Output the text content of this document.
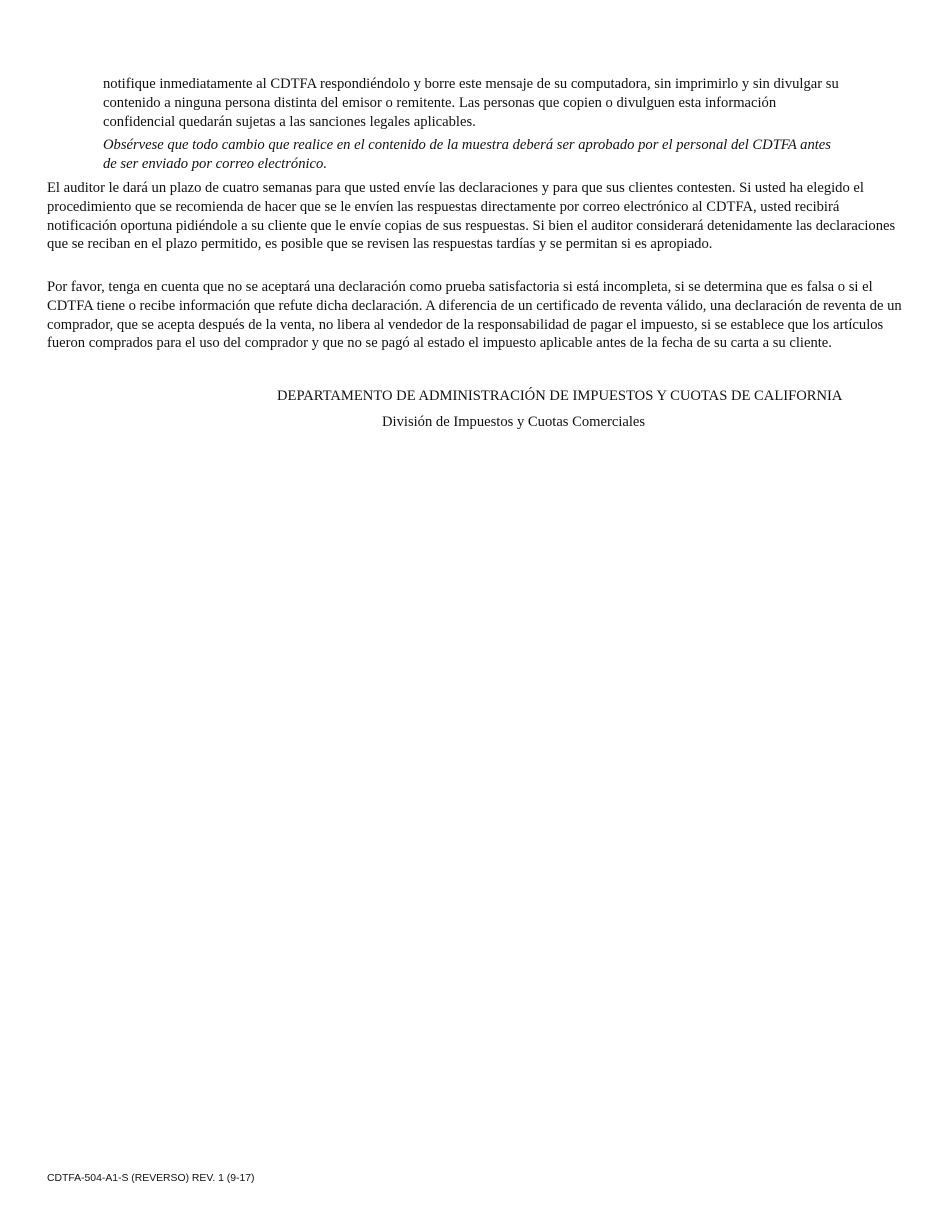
notifique inmediatamente al CDTFA respondiéndolo y borre este mensaje de su computadora, sin imprimirlo y sin divulgar su contenido a ninguna persona distinta del emisor o remitente. Las personas que copien o divulguen esta información confidencial quedarán sujetas a las sanciones legales aplicables.

Obsérvese que todo cambio que realice en el contenido de la muestra deberá ser aprobado por el personal del CDTFA antes de ser enviado por correo electrónico.

El auditor le dará un plazo de cuatro semanas para que usted envíe las declaraciones y para que sus clientes contesten. Si usted ha elegido el procedimiento que se recomienda de hacer que se le envíen las respuestas directamente por correo electrónico al CDTFA, usted recibirá notificación oportuna pidiéndole a su cliente que le envíe copias de sus respuestas. Si bien el auditor considerará detenidamente las declaraciones que se reciban en el plazo permitido, es posible que se revisen las respuestas tardías y se permitan si es apropiado.

Por favor, tenga en cuenta que no se aceptará una declaración como prueba satisfactoria si está incompleta, si se determina que es falsa o si el CDTFA tiene o recibe información que refute dicha declaración. A diferencia de un certificado de reventa válido, una declaración de reventa de un comprador, que se acepta después de la venta, no libera al vendedor de la responsabilidad de pagar el impuesto, si se establece que los artículos fueron comprados para el uso del comprador y que no se pagó al estado el impuesto aplicable antes de la fecha de su carta a su cliente.

DEPARTAMENTO DE ADMINISTRACIÓN DE IMPUESTOS Y CUOTAS DE CALIFORNIA

División de Impuestos y Cuotas Comerciales

CDTFA-504-A1-S (REVERSO) REV. 1 (9-17)
